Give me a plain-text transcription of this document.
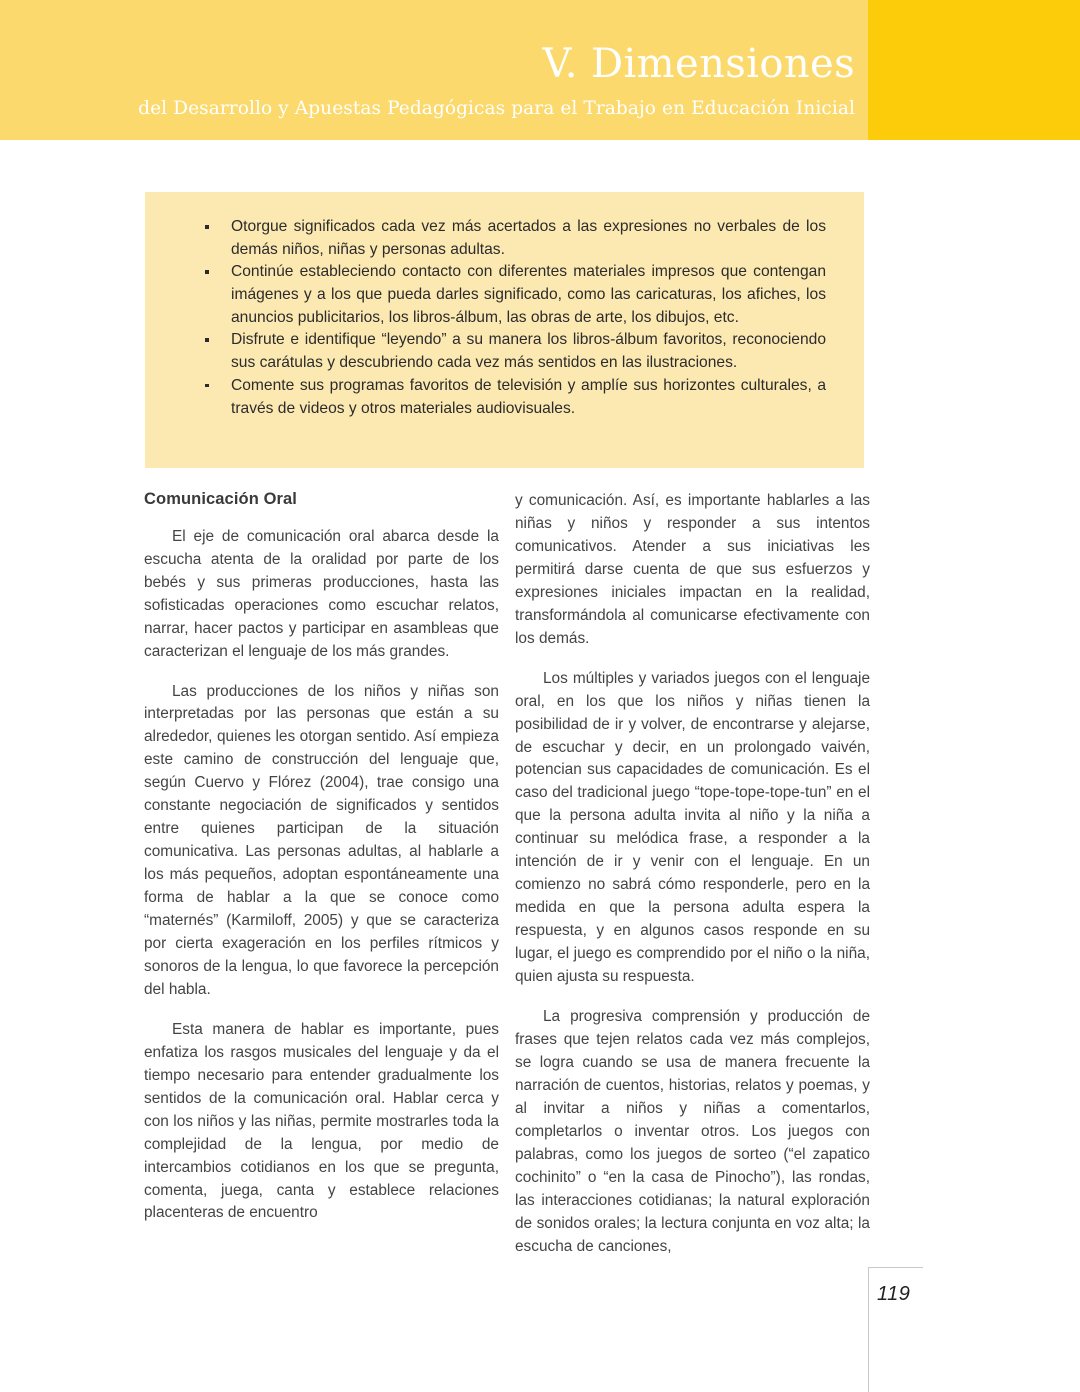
V. Dimensiones
del Desarrollo y Apuestas Pedagógicas para el Trabajo en Educación Inicial
Otorgue significados cada vez más acertados a las expresiones no verbales de los demás niños, niñas y personas adultas.
Continúe estableciendo contacto con diferentes materiales impresos que contengan imágenes y a los que pueda darles significado, como las caricaturas, los afiches, los anuncios publicitarios, los libros-álbum, las obras de arte, los dibujos, etc.
Disfrute e identifique “leyendo” a su manera los libros-álbum favoritos, reconociendo sus carátulas y descubriendo cada vez más sentidos en las ilustraciones.
Comente sus programas favoritos de televisión y amplíe sus horizontes culturales, a través de videos y otros materiales audiovisuales.
Comunicación Oral

El eje de comunicación oral abarca desde la escucha atenta de la oralidad por parte de los bebés y sus primeras producciones, hasta las sofisticadas operaciones como escuchar relatos, narrar, hacer pactos y participar en asambleas que caracterizan el lenguaje de los más grandes.

Las producciones de los niños y niñas son interpretadas por las personas que están a su alrededor, quienes les otorgan sentido. Así empieza este camino de construcción del lenguaje que, según Cuervo y Flórez (2004), trae consigo una constante negociación de significados y sentidos entre quienes participan de la situación comunicativa. Las personas adultas, al hablarle a los más pequeños, adoptan espontáneamente una forma de hablar a la que se conoce como “maternés” (Karmiloff, 2005) y que se caracteriza por cierta exageración en los perfiles rítmicos y sonoros de la lengua, lo que favorece la percepción del habla.

Esta manera de hablar es importante, pues enfatiza los rasgos musicales del lenguaje y da el tiempo necesario para entender gradualmente los sentidos de la comunicación oral. Hablar cerca y con los niños y las niñas, permite mostrarles toda la complejidad de la lengua, por medio de intercambios cotidianos en los que se pregunta, comenta, juega, canta y establece relaciones placenteras de encuentro

y comunicación. Así, es importante hablarles a las niñas y niños y responder a sus intentos comunicativos. Atender a sus iniciativas les permitirá darse cuenta de que sus esfuerzos y expresiones iniciales impactan en la realidad, transformándola al comunicarse efectivamente con los demás.

Los múltiples y variados juegos con el lenguaje oral, en los que los niños y niñas tienen la posibilidad de ir y volver, de encontrarse y alejarse, de escuchar y decir, en un prolongado vaivén, potencian sus capacidades de comunicación. Es el caso del tradicional juego “tope-tope-tope-tun” en el que la persona adulta invita al niño y la niña a continuar su melódica frase, a responder a la intención de ir y venir con el lenguaje. En un comienzo no sabrá cómo responderle, pero en la medida en que la persona adulta espera la respuesta, y en algunos casos responde en su lugar, el juego es comprendido por el niño o la niña, quien ajusta su respuesta.

La progresiva comprensión y producción de frases que tejen relatos cada vez más complejos, se logra cuando se usa de manera frecuente la narración de cuentos, historias, relatos y poemas, y al invitar a niños y niñas a comentarlos, completarlos o inventar otros. Los juegos con palabras, como los juegos de sorteo (“el zapatico cochinito” o “en la casa de Pinocho”), las rondas, las interacciones cotidianas; la natural exploración de sonidos orales; la lectura conjunta en voz alta; la escucha de canciones,

119
